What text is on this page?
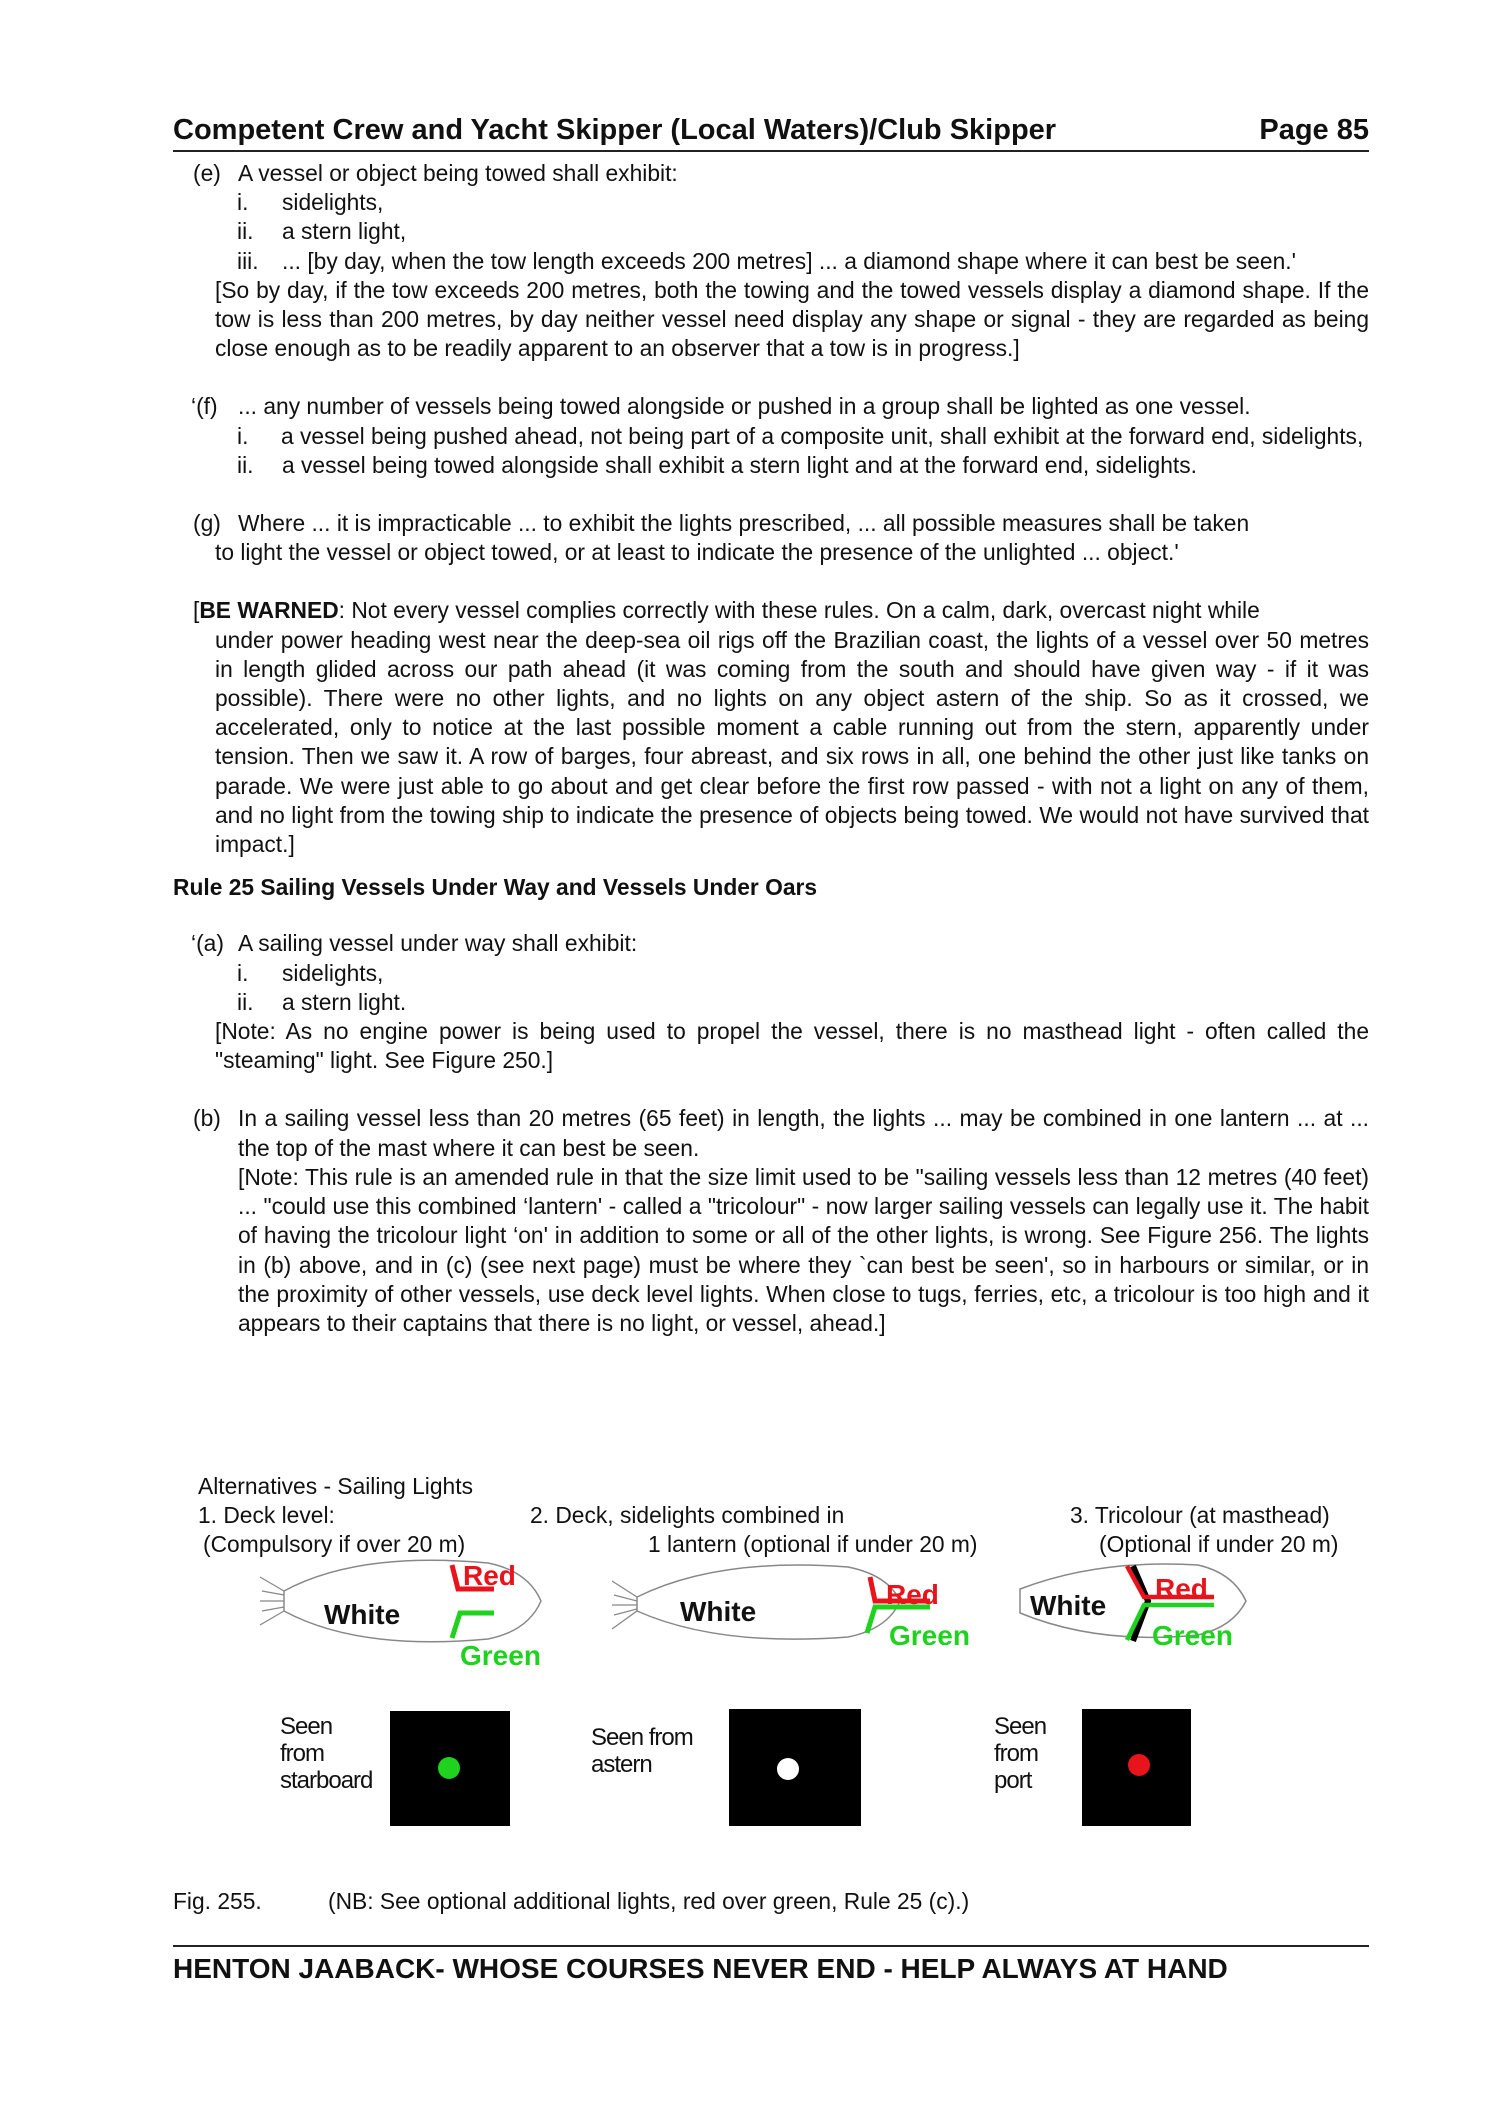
Competent Crew and Yacht Skipper (Local Waters)/Club Skipper	Page 85
(e) A vessel or object being towed shall exhibit:
i. sidelights,
ii. a stern light,
iii. ... [by day, when the tow length exceeds 200 metres] ... a diamond shape where it can best be seen.'
[So by day, if the tow exceeds 200 metres, both the towing and the towed vessels display a diamond shape. If the tow is less than 200 metres, by day neither vessel need display any shape or signal - they are regarded as being close enough as to be readily apparent to an observer that a tow is in progress.]
‘(f) ... any number of vessels being towed alongside or pushed in a group shall be lighted as one vessel.
i. a vessel being pushed ahead, not being part of a composite unit, shall exhibit at the forward end, sidelights,
ii. a vessel being towed alongside shall exhibit a stern light and at the forward end, sidelights.
(g) Where ... it is impracticable ... to exhibit the lights prescribed, ... all possible measures shall be taken
to light the vessel or object towed, or at least to indicate the presence of the unlighted ... object.'
[BE WARNED: Not every vessel complies correctly with these rules. On a calm, dark, overcast night while
under power heading west near the deep-sea oil rigs off the Brazilian coast, the lights of a vessel over 50 metres in length glided across our path ahead (it was coming from the south and should have given way - if it was possible). There were no other lights, and no lights on any object astern of the ship. So as it crossed, we accelerated, only to notice at the last possible moment a cable running out from the stern, apparently under tension. Then we saw it. A row of barges, four abreast, and six rows in all, one behind the other just like tanks on parade. We were just able to go about and get clear before the first row passed - with not a light on any of them, and no light from the towing ship to indicate the presence of objects being towed. We would not have survived that impact.]
Rule 25 Sailing Vessels Under Way and Vessels Under Oars
‘(a) A sailing vessel under way shall exhibit:
i. sidelights,
ii. a stern light.
[Note: As no engine power is being used to propel the vessel, there is no masthead light - often called the "steaming" light. See Figure 250.]
(b) In a sailing vessel less than 20 metres (65 feet) in length, the lights ... may be combined in one lantern ... at ... the top of the mast where it can best be seen.
[Note: This rule is an amended rule in that the size limit used to be "sailing vessels less than 12 metres (40 feet) ... "could use this combined ‘lantern' - called a "tricolour" - now larger sailing vessels can legally use it. The habit of having the tricolour light ‘on' in addition to some or all of the other lights, is wrong. See Figure 256. The lights in (b) above, and in (c) (see next page) must be where they `can best be seen', so in harbours or similar, or in the proximity of other vessels, use deck level lights. When close to tugs, ferries, etc, a tricolour is too high and it appears to their captains that there is no light, or vessel, ahead.]
Alternatives - Sailing Lights
1. Deck level:
(Compulsory if over 20 m)
2. Deck, sidelights combined in
1 lantern (optional if under 20 m)
3. Tricolour (at masthead)
(Optional if under 20 m)
Red
White
Green
Red
White
Green
Red
White
Green
Seen
from
starboard
Seen from
astern
Seen
from
port
Fig. 255.	(NB: See optional additional lights, red over green, Rule 25 (c).)
HENTON JAABACK- WHOSE COURSES NEVER END - HELP ALWAYS AT HAND
